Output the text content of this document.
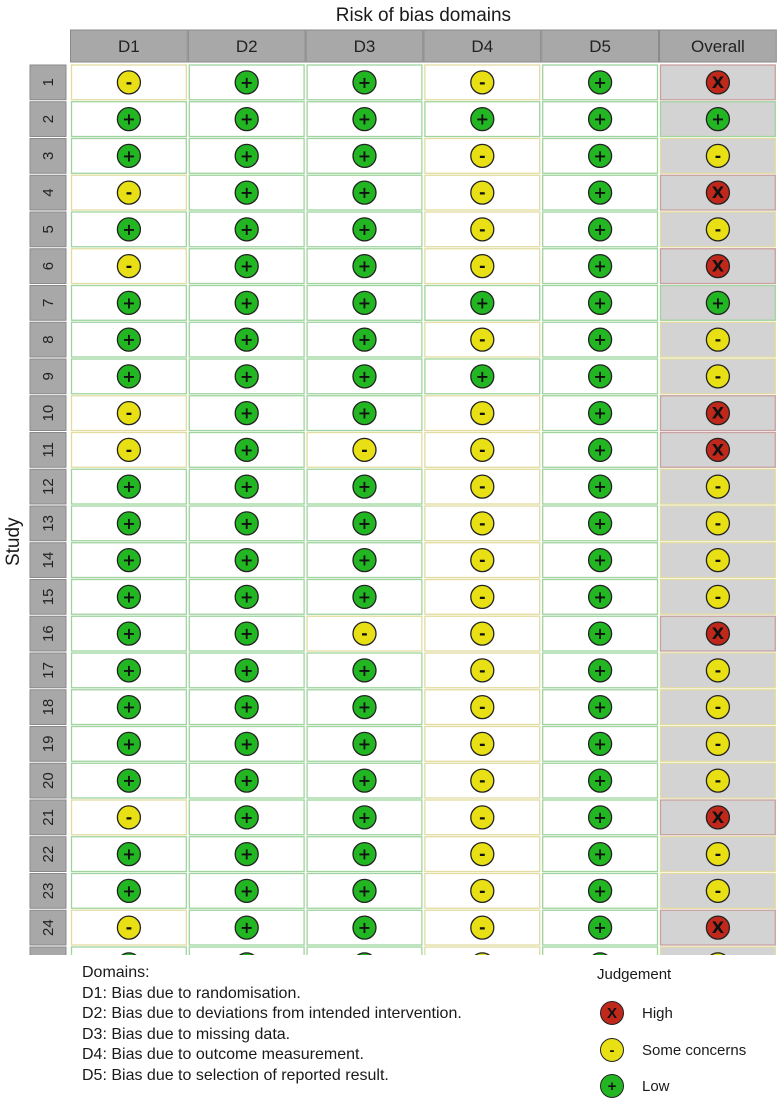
Risk of bias domains
Study
D1	D2	D3	D4	D5	Overall
1	-	+	+	-	+	X
2	+	+	+	+	+	+
3	+	+	+	-	+	-
4	-	+	+	-	+	X
5	+	+	+	-	+	-
6	-	+	+	-	+	X
7	+	+	+	+	+	+
8	+	+	+	-	+	-
9	+	+	+	+	+	-
10	-	+	+	-	+	X
11	-	+	-	-	+	X
12	+	+	+	-	+	-
13	+	+	+	-	+	-
14	+	+	+	-	+	-
15	+	+	+	-	+	-
16	+	+	-	-	+	X
17	+	+	+	-	+	-
18	+	+	+	-	+	-
19	+	+	+	-	+	-
20	+	+	+	-	+	-
21	-	+	+	-	+	X
22	+	+	+	-	+	-
23	+	+	+	-	+	-
24	-	+	+	-	+	X
Domains:
D1: Bias due to randomisation.
D2: Bias due to deviations from intended intervention.
D3: Bias due to missing data.
D4: Bias due to outcome measurement.
D5: Bias due to selection of reported result.
Judgement
X	High
-	Some concerns
+	Low
